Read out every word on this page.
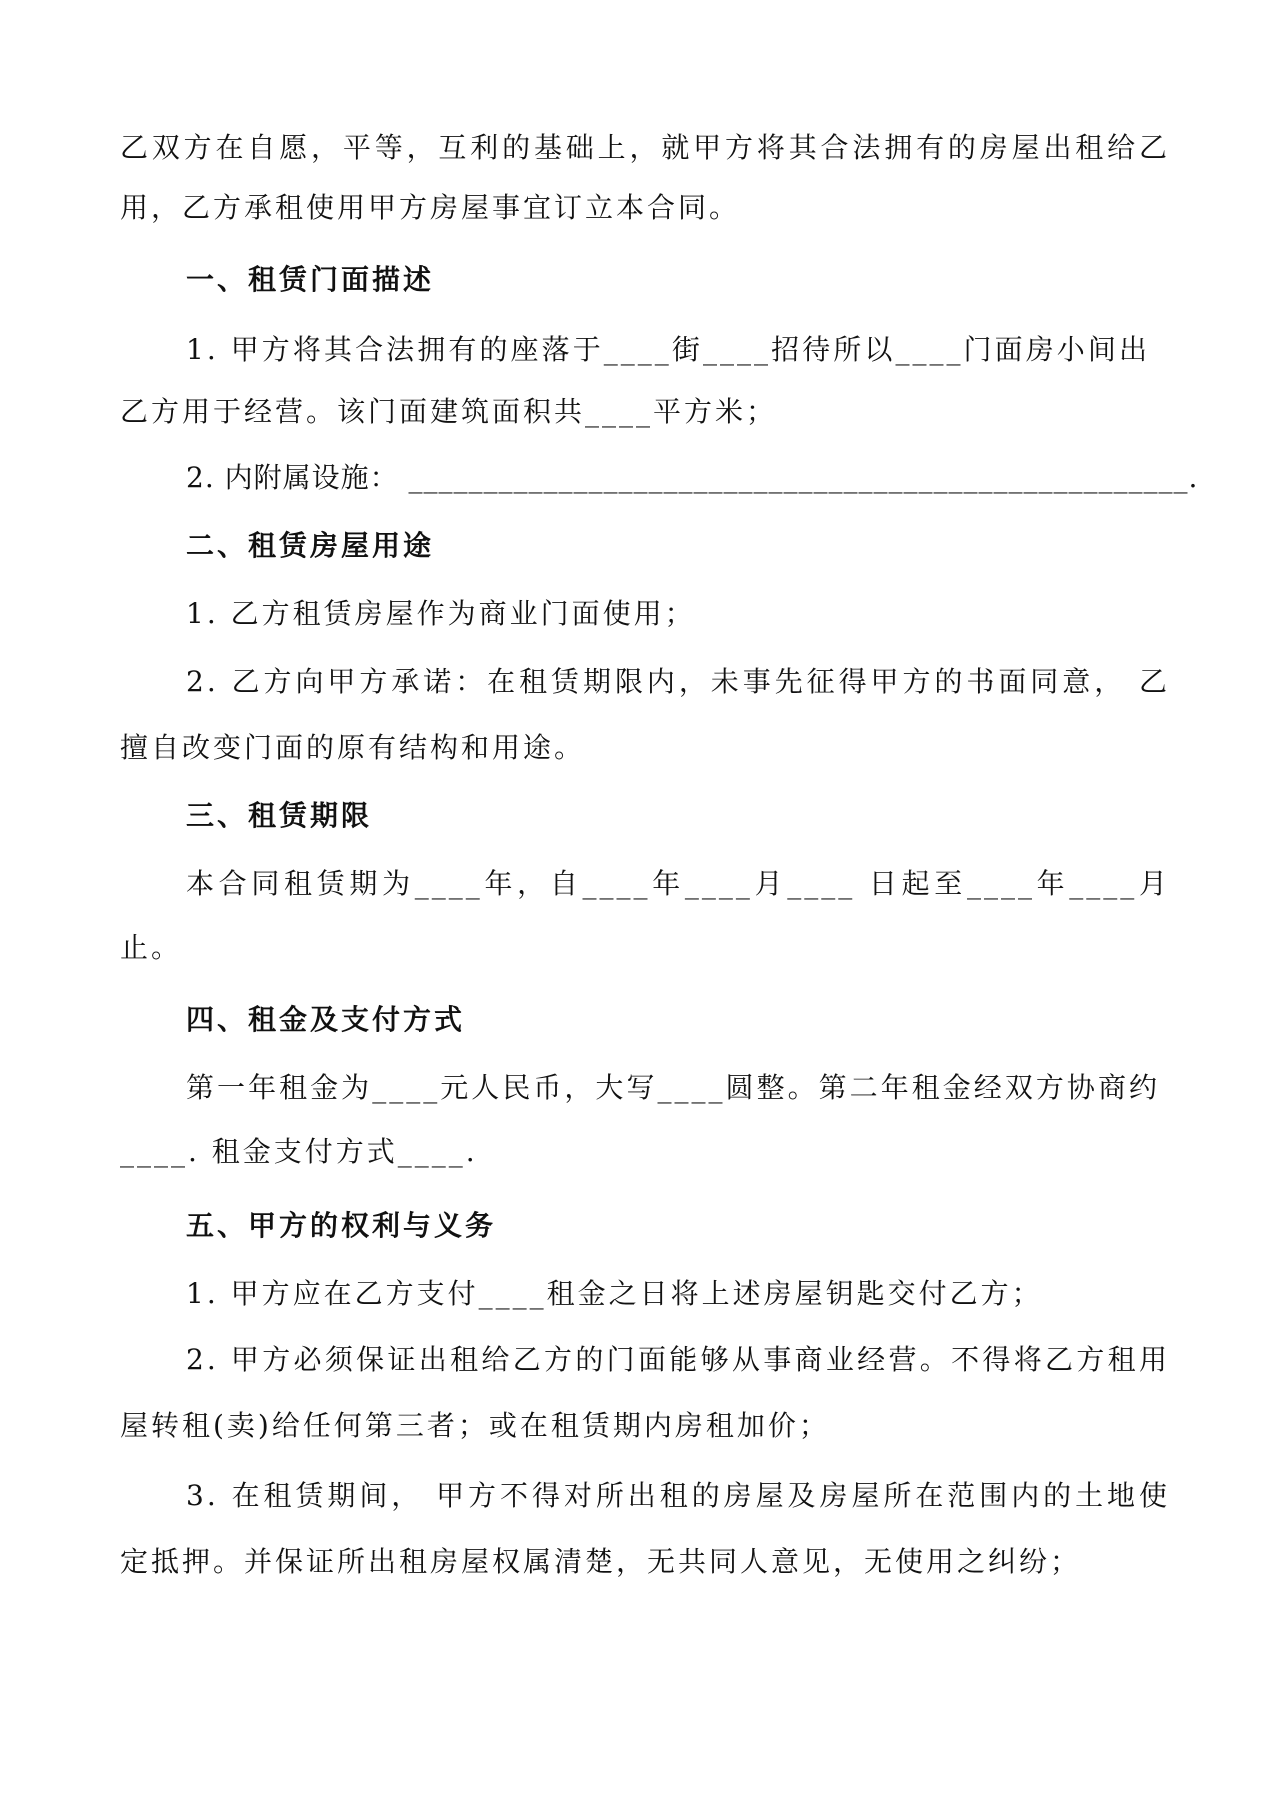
乙双方在自愿，平等，互利的基础上，就甲方将其合法拥有的房屋出租给乙
用，乙方承租使用甲方房屋事宜订立本合同。
一、租赁门面描述
1. 甲方将其合法拥有的座落于____街____招待所以____门面房小间出
乙方用于经营。该门面建筑面积共____平方米；
2. 内附属设施： ____________________________________________________.
二、租赁房屋用途
1. 乙方租赁房屋作为商业门面使用；
2. 乙方向甲方承诺：在租赁期限内，未事先征得甲方的书面同意， 乙
擅自改变门面的原有结构和用途。
三、租赁期限
本合同租赁期为____年，自____年____月____ 日起至____年____月
止。
四、租金及支付方式
第一年租金为____元人民币，大写____圆整。第二年租金经双方协商约
____. 租金支付方式____.
五、甲方的权利与义务
1. 甲方应在乙方支付____租金之日将上述房屋钥匙交付乙方；
2. 甲方必须保证出租给乙方的门面能够从事商业经营。不得将乙方租用
屋转租(卖)给任何第三者；或在租赁期内房租加价；
3. 在租赁期间， 甲方不得对所出租的房屋及房屋所在范围内的土地使
定抵押。并保证所出租房屋权属清楚，无共同人意见，无使用之纠纷；
